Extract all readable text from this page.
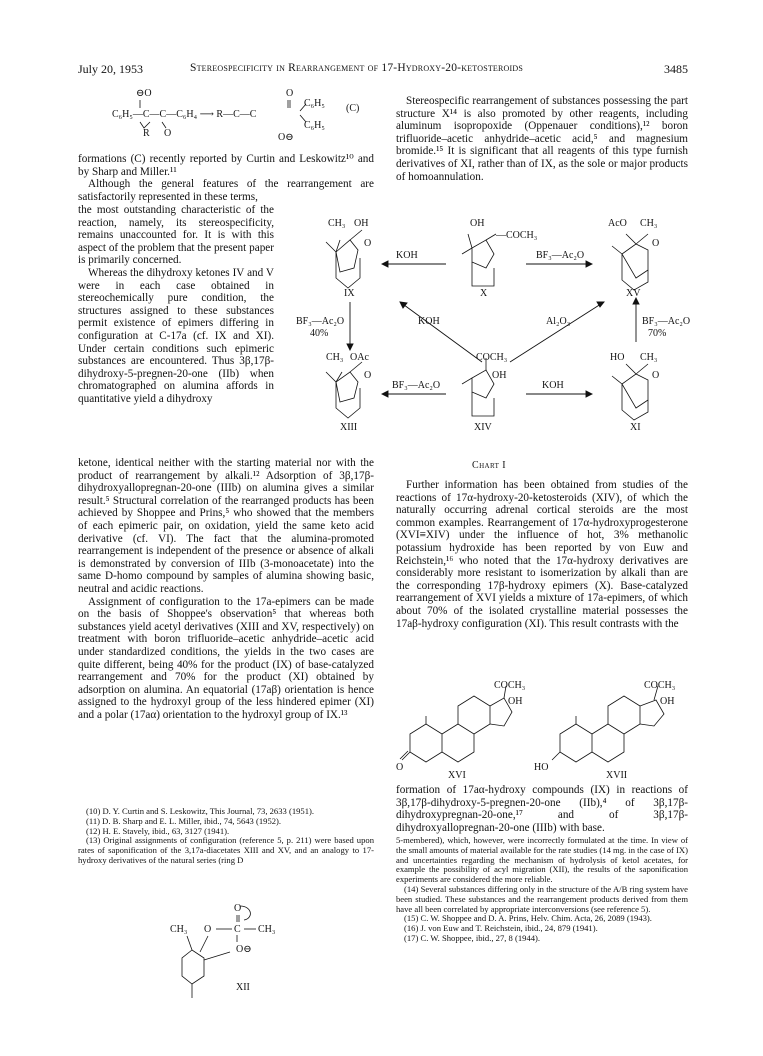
July 20, 1953	Stereospecificity in Rearrangement of 17-Hydroxy-20-ketosteroids	3485
⊖O	O
C₆H₅—C—C—C₆H₄ ⟶ R—C—C
R O
C₆H₅
C₆H₅
O⊖
(C)

formations (C) recently reported by Curtin and Leskowitz¹⁰ and by Sharp and Miller.¹¹

Although the general features of the rearrangement are satisfactorily represented in these terms,

the most outstanding characteristic of the reaction, namely, its stereospecificity, remains unaccounted for. It is with this aspect of the problem that the present paper is primarily concerned.

Whereas the dihydroxy ketones IV and V were in each case obtained in stereochemically pure condition, the structures assigned to these substances permit existence of epimers differing in configuration at C-17a (cf. IX and XI). Under certain conditions such epimeric substances are encountered. Thus 3β,17β-dihydroxy-5-pregnen-20-one (IIb) when chromatographed on alumina affords in quantitative yield a dihydroxy

ketone, identical neither with the starting material nor with the product of rearrangement by alkali.¹² Adsorption of 3β,17β-dihydroxyallopregnan-20-one (IIIb) on alumina gives a similar result.⁵ Structural correlation of the rearranged products has been achieved by Shoppee and Prins,⁵ who showed that the members of each epimeric pair, on oxidation, yield the same keto acid derivative (cf. VI). The fact that the alumina-promoted rearrangement is independent of the presence or absence of alkali is demonstrated by conversion of IIIb (3-monoacetate) into the same D-homo compound by samples of alumina showing basic, neutral and acidic reactions.

Assignment of configuration to the 17a-epimers can be made on the basis of Shoppee's observation⁵ that whereas both substances yield acetyl derivatives (XIII and XV, respectively) on treatment with boron trifluoride–acetic anhydride–acetic acid under standardized conditions, the yields in the two cases are quite different, being 40% for the product (IX) of base-catalyzed rearrangement and 70% for the product (XI) obtained by adsorption on alumina. An equatorial (17aβ) orientation is hence assigned to the hydroxyl group of the less hindered epimer (XI) and a polar (17aα) orientation to the hydroxyl group of IX.¹³

(10) D. Y. Curtin and S. Leskowitz, This Journal, 73, 2633 (1951).

(11) D. B. Sharp and E. L. Miller, ibid., 74, 5643 (1952).

(12) H. E. Stavely, ibid., 63, 3127 (1941).

(13) Original assignments of configuration (reference 5, p. 211) were based upon rates of saponification of the 3,17a-diacetates XIII and XV, and an analogy to 17-hydroxy derivatives of the natural series (ring D

O
CH₃ O C CH₃
O⊖
XII

Stereospecific rearrangement of substances possessing the part structure X¹⁴ is also promoted by other reagents, including aluminum isopropoxide (Oppenauer conditions),¹² boron trifluoride–acetic anhydride–acetic acid,⁵ and magnesium bromide.¹⁵ It is significant that all reagents of this type furnish derivatives of XI, rather than of IX, as the sole or major products of homoannulation.

CH₃ OH
O
IX
OH
—COCH₃
X
AcO CH₃
O
XV
KOH	BF₃—Ac₂O
BF₃—Ac₂O
40%
KOH	Al₂O₃	BF₃—Ac₂O
70%
CH₃ OAc
O
XIII
COCH₃
OH
XIV
HO CH₃
O
XI
BF₃—Ac₂O	KOH
Chart I

Further information has been obtained from studies of the reactions of 17α-hydroxy-20-ketosteroids (XIV), of which the naturally occurring adrenal cortical steroids are the most common examples. Rearrangement of 17α-hydroxyprogesterone (XVI≡XIV) under the influence of hot, 3% methanolic potassium hydroxide has been reported by von Euw and Reichstein,¹⁶ who noted that the 17α-hydroxy derivatives are considerably more resistant to isomerization by alkali than are the corresponding 17β-hydroxy epimers (X). Base-catalyzed rearrangement of XVI yields a mixture of 17a-epimers, of which about 70% of the isolated crystalline material possesses the 17aβ-hydroxy configuration (XI). This result contrasts with the

COCH₃
OH
O
XVI
COCH₃
OH
HO
XVII

formation of 17aα-hydroxy compounds (IX) in reactions of 3β,17β-dihydroxy-5-pregnen-20-one (IIb),⁴ of 3β,17β-dihydroxypregnan-20-one,¹⁷ and of 3β,17β-dihydroxyallopregnan-20-one (IIIb) with base.

5-membered), which, however, were incorrectly formulated at the time. In view of the small amounts of material available for the rate studies (14 mg. in the case of IX) and uncertainties regarding the mechanism of hydrolysis of ketol acetates, for example the possibility of acyl migration (XII), the results of the saponification experiments are considered the more reliable.

(14) Several substances differing only in the structure of the A/B ring system have been studied. These substances and the rearrangement products derived from them have all been correlated by appropriate interconversions (see reference 5).

(15) C. W. Shoppee and D. A. Prins, Helv. Chim. Acta, 26, 2089 (1943).

(16) J. von Euw and T. Reichstein, ibid., 24, 879 (1941).

(17) C. W. Shoppee, ibid., 27, 8 (1944).
